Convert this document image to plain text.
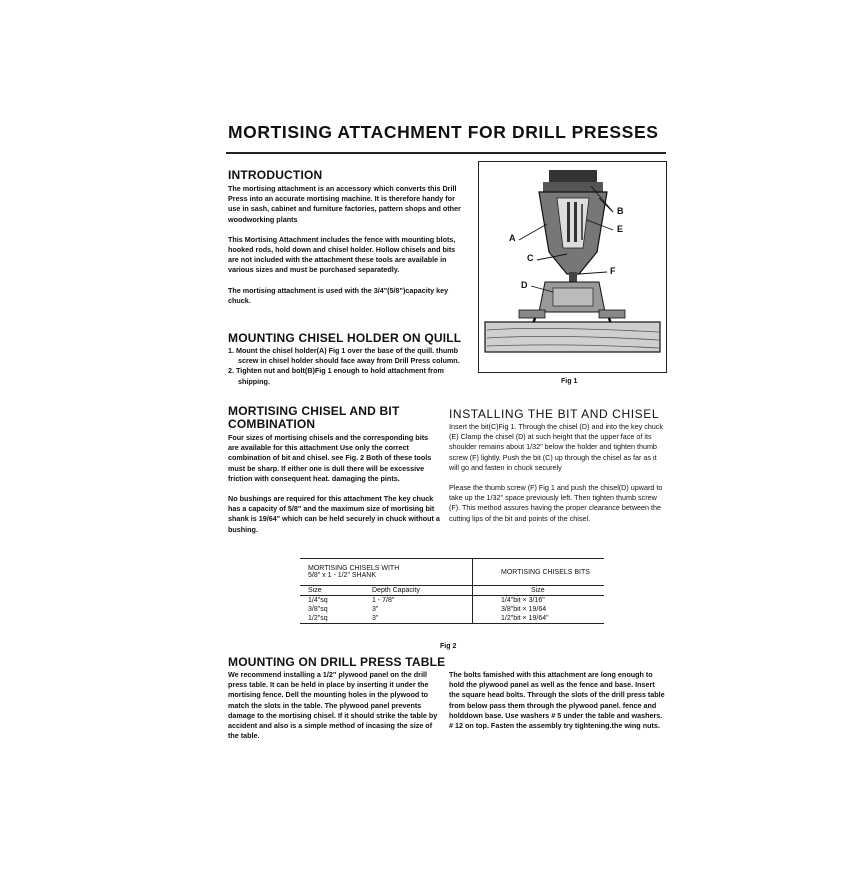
MORTISING ATTACHMENT FOR DRILL PRESSES
INTRODUCTION

The mortising attachment is an accessory which converts this Drill Press into an accurate mortising machine. It is therefore handy for use in sash, cabinet and furniture factories, pattern shops and other woodworking plants

This Mortising Attachment includes the fence with mounting blots, hooked rods, hold down and chisel holder. Hollow chisels and bits are not included with the attachment these tools are available in various sizes and must be purchased separatedly.

The mortising attachment is used with the 3/4"(5/8")capacity key chuck.

MOUNTING CHISEL HOLDER ON QUILL
1. Mount the chisel holder(A) Fig 1 over the base of the quill. thumb screw in chisel holder should face away from Drill Press column.
2. Tighten nut and bolt(B)Fig 1 enough to hold attachment from shipping.
A
B
C
D
E
F
Fig 1
MORTISING CHISEL AND BIT
COMBINATION

Four sizes of mortising chisels and the corresponding bits are available for this attachment Use only the correct combination of bit and chisel. see Fig. 2 Both of these tools must be sharp. If either one is dull there will be excessive friction with consequent heat. damaging the pints.

No bushings are required for this attachment The key chuck has a capacity of 5/8" and the maximum size of mortising bit shank is 19/64" which can be held securely in chuck without a bushing.

INSTALLING THE BIT AND CHISEL

Insert the bit(C)Fig 1. Through the chisel (D) and into the key chuck (E) Clamp the chisel (D) at such height that the upper face of its shoulder remains about 1/32" below the holder and tighten thumb screw (F) lightly. Push the bit (C) up through the chisel as far as it will go and fasten in chuck securely

Please the thumb screw (F) Fig 1 and push the chisel(D) upward to take up the 1/32" space previously left. Then tighten thumb screw (F). This method assures having the proper clearance between the cutting lips of the bit and points of the chisel.

MORTISING CHISELS WITH
5/8" x 1 - 1/2" SHANK		MORTISING CHISELS BITS
Size	Depth Capacity	Size
1/4"sq	1 - 7/8"	1/4"bit × 3/16"
3/8"sq	3"	3/8"bit × 19/64
1/2"sq	3"	1/2"bit × 19/64"
Fig 2
MOUNTING ON DRILL PRESS TABLE

We recommend installing a 1/2" plywood panel on the drill press table. It can be held in place by inserting it under the mortising fence. Dell the mounting holes in the plywood to match the slots in the table. The plywood panel prevents damage to the mortising chisel. If it should strike the table by accident and also is a simple method of incasing the size of the table.

The bolts famished with this attachment are long enough to hold the plywood panel as well as the fence and base. Insert the square head bolts. Through the slots of the drill press table from below pass them through the plywood panel. fence and holddown base. Use washers # 5 under the table and washers. # 12 on top. Fasten the assembly try tightening.the wing nuts.
